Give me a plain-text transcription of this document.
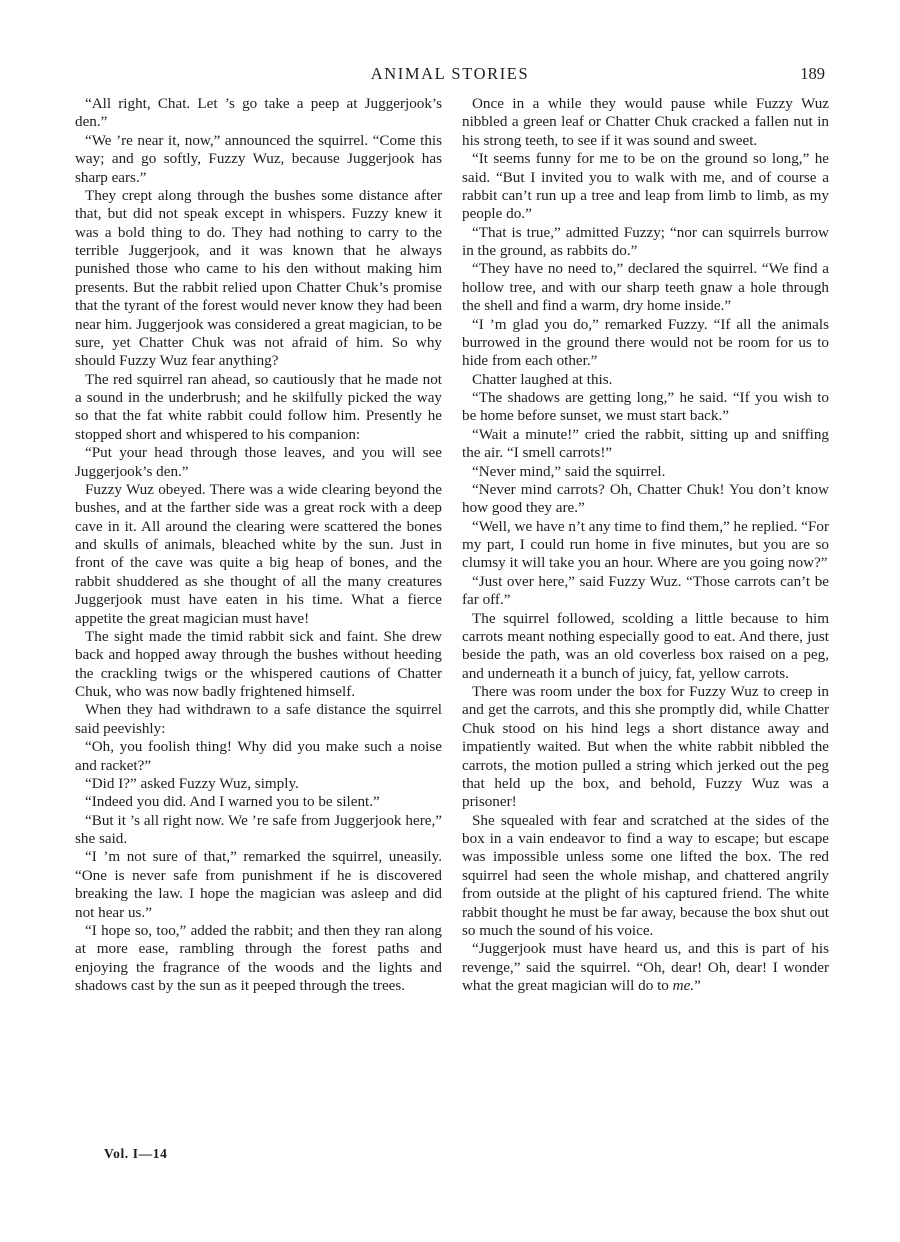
ANIMAL STORIES	189

“All right, Chat. Let ’s go take a peep at Juggerjook’s den.”

“We ’re near it, now,” announced the squirrel. “Come this way; and go softly, Fuzzy Wuz, because Juggerjook has sharp ears.”

They crept along through the bushes some distance after that, but did not speak except in whispers. Fuzzy knew it was a bold thing to do. They had nothing to carry to the terrible Juggerjook, and it was known that he always punished those who came to his den without making him presents. But the rabbit relied upon Chatter Chuk’s promise that the tyrant of the forest would never know they had been near him. Juggerjook was considered a great magician, to be sure, yet Chatter Chuk was not afraid of him. So why should Fuzzy Wuz fear anything?

The red squirrel ran ahead, so cautiously that he made not a sound in the underbrush; and he skilfully picked the way so that the fat white rabbit could follow him. Presently he stopped short and whispered to his companion:

“Put your head through those leaves, and you will see Juggerjook’s den.”

Fuzzy Wuz obeyed. There was a wide clearing beyond the bushes, and at the farther side was a great rock with a deep cave in it. All around the clearing were scattered the bones and skulls of animals, bleached white by the sun. Just in front of the cave was quite a big heap of bones, and the rabbit shuddered as she thought of all the many creatures Juggerjook must have eaten in his time. What a fierce appetite the great magician must have!

The sight made the timid rabbit sick and faint. She drew back and hopped away through the bushes without heeding the crackling twigs or the whispered cautions of Chatter Chuk, who was now badly frightened himself.

When they had withdrawn to a safe distance the squirrel said peevishly:

“Oh, you foolish thing! Why did you make such a noise and racket?”

“Did I?” asked Fuzzy Wuz, simply.

“Indeed you did. And I warned you to be silent.”

“But it ’s all right now. We ’re safe from Juggerjook here,” she said.

“I ’m not sure of that,” remarked the squirrel, uneasily. “One is never safe from punishment if he is discovered breaking the law. I hope the magician was asleep and did not hear us.”

“I hope so, too,” added the rabbit; and then they ran along at more ease, rambling through the forest paths and enjoying the fragrance of the woods and the lights and shadows cast by the sun as it peeped through the trees.

Once in a while they would pause while Fuzzy Wuz nibbled a green leaf or Chatter Chuk cracked a fallen nut in his strong teeth, to see if it was sound and sweet.

“It seems funny for me to be on the ground so long,” he said. “But I invited you to walk with me, and of course a rabbit can’t run up a tree and leap from limb to limb, as my people do.”

“That is true,” admitted Fuzzy; “nor can squirrels burrow in the ground, as rabbits do.”

“They have no need to,” declared the squirrel. “We find a hollow tree, and with our sharp teeth gnaw a hole through the shell and find a warm, dry home inside.”

“I ’m glad you do,” remarked Fuzzy. “If all the animals burrowed in the ground there would not be room for us to hide from each other.”

Chatter laughed at this.

“The shadows are getting long,” he said. “If you wish to be home before sunset, we must start back.”

“Wait a minute!” cried the rabbit, sitting up and sniffing the air. “I smell carrots!”

“Never mind,” said the squirrel.

“Never mind carrots? Oh, Chatter Chuk! You don’t know how good they are.”

“Well, we have n’t any time to find them,” he replied. “For my part, I could run home in five minutes, but you are so clumsy it will take you an hour. Where are you going now?”

“Just over here,” said Fuzzy Wuz. “Those carrots can’t be far off.”

The squirrel followed, scolding a little because to him carrots meant nothing especially good to eat. And there, just beside the path, was an old coverless box raised on a peg, and underneath it a bunch of juicy, fat, yellow carrots.

There was room under the box for Fuzzy Wuz to creep in and get the carrots, and this she promptly did, while Chatter Chuk stood on his hind legs a short distance away and impatiently waited. But when the white rabbit nibbled the carrots, the motion pulled a string which jerked out the peg that held up the box, and behold, Fuzzy Wuz was a prisoner!

She squealed with fear and scratched at the sides of the box in a vain endeavor to find a way to escape; but escape was impossible unless some one lifted the box. The red squirrel had seen the whole mishap, and chattered angrily from outside at the plight of his captured friend. The white rabbit thought he must be far away, because the box shut out so much the sound of his voice.

“Juggerjook must have heard us, and this is part of his revenge,” said the squirrel. “Oh, dear! Oh, dear! I wonder what the great magician will do to me.”

Vol. I—14
